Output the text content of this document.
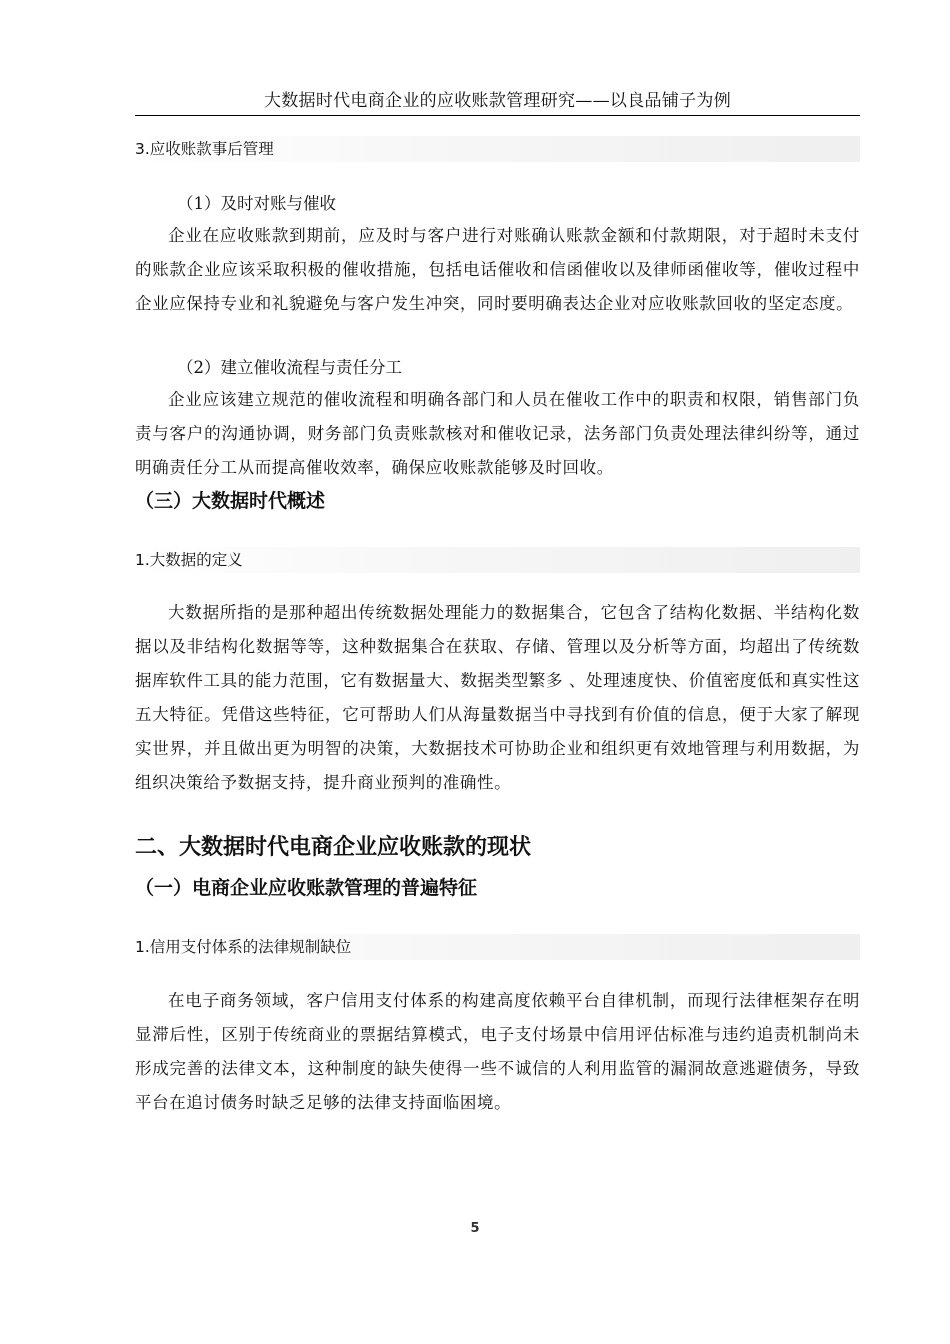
大数据时代电商企业的应收账款管理研究——以良品铺子为例
3.应收账款事后管理
（1）及时对账与催收

企业在应收账款到期前，应及时与客户进行对账确认账款金额和付款期限，对于超时未支付的账款企业应该采取积极的催收措施，包括电话催收和信函催收以及律师函催收等，催收过程中企业应保持专业和礼貌避免与客户发生冲突，同时要明确表达企业对应收账款回收的坚定态度。

（2）建立催收流程与责任分工

企业应该建立规范的催收流程和明确各部门和人员在催收工作中的职责和权限，销售部门负责与客户的沟通协调，财务部门负责账款核对和催收记录，法务部门负责处理法律纠纷等，通过明确责任分工从而提高催收效率，确保应收账款能够及时回收。

（三）大数据时代概述
1.大数据的定义

大数据所指的是那种超出传统数据处理能力的数据集合，它包含了结构化数据、半结构化数据以及非结构化数据等等，这种数据集合在获取、存储、管理以及分析等方面，均超出了传统数据库软件工具的能力范围，它有数据量大、数据类型繁多 、处理速度快、价值密度低和真实性这五大特征。凭借这些特征，它可帮助人们从海量数据当中寻找到有价值的信息，便于大家了解现实世界，并且做出更为明智的决策，大数据技术可协助企业和组织更有效地管理与利用数据，为组织决策给予数据支持，提升商业预判的准确性。

二、大数据时代电商企业应收账款的现状
（一）电商企业应收账款管理的普遍特征
1.信用支付体系的法律规制缺位

在电子商务领域，客户信用支付体系的构建高度依赖平台自律机制，而现行法律框架存在明显滞后性，区别于传统商业的票据结算模式，电子支付场景中信用评估标准与违约追责机制尚未形成完善的法律文本，这种制度的缺失使得一些不诚信的人利用监管的漏洞故意逃避债务，导致平台在追讨债务时缺乏足够的法律支持面临困境。

5
